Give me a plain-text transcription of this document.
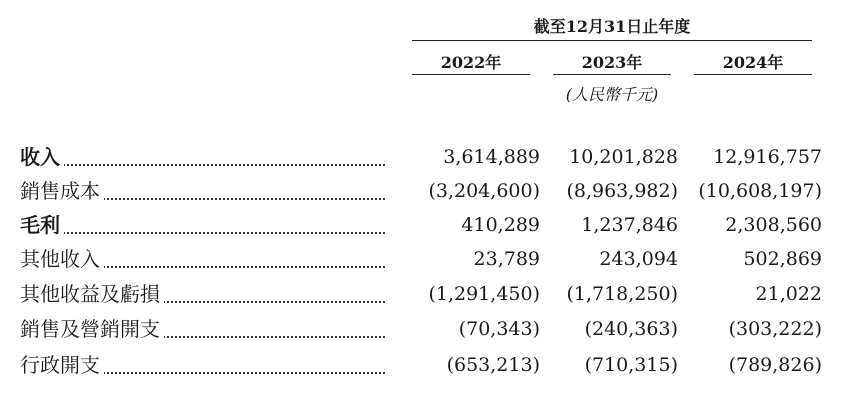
截至12月31日止年度
2022年	2023年	2024年
(人民幣千元)
收入	3,614,889 10,201,828 12,916,757
銷售成本	(3,204,600) (8,963,982) (10,608,197)
毛利	410,289 1,237,846 2,308,560
其他收入	23,789	243,094	502,869
其他收益及虧損	(1,291,450) (1,718,250)	21,022
銷售及營銷開支	(70,343) (240,363)	(303,222)
行政開支	(653,213) (710,315)	(789,826)
